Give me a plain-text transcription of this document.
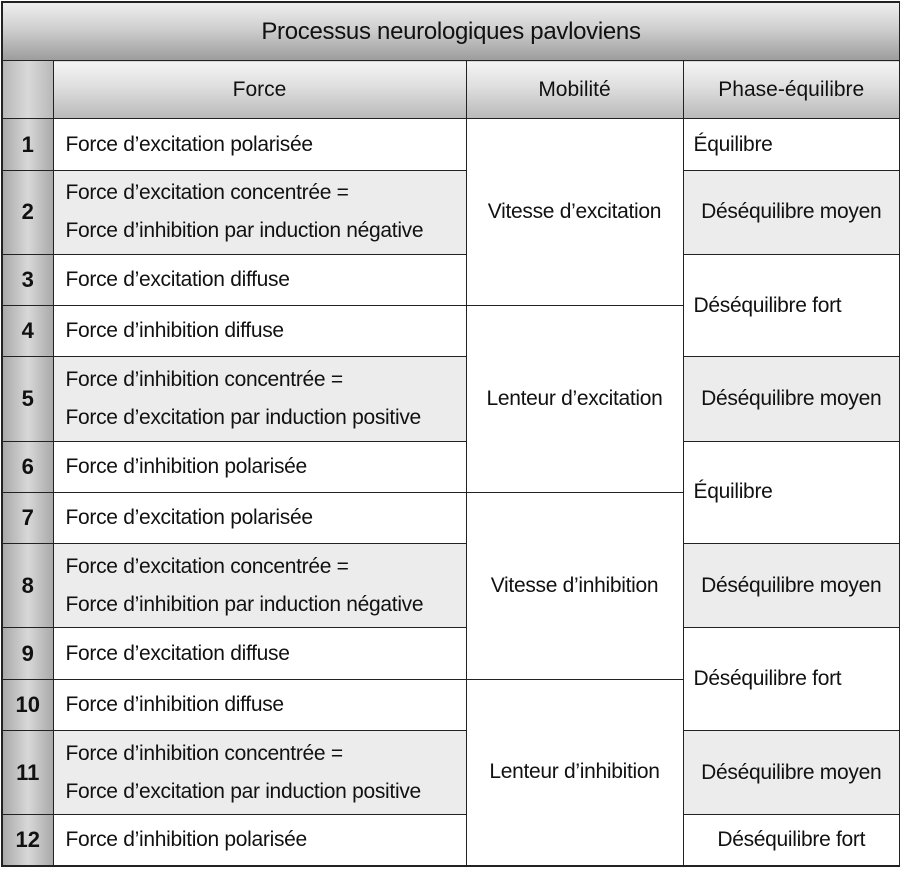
Processus neurologiques pavloviens			
	Force	Mobilité	Phase-équilibre
1	Force d’excitation polarisée	Vitesse d’excitation	Équilibre
2	Force d’excitation concentrée =
Force d’inhibition par induction négative		Déséquilibre moyen
3	Force d’excitation diffuse		Déséquilibre fort
4	Force d’inhibition diffuse	Lenteur d’excitation	
5	Force d’inhibition concentrée =
Force d’excitation par induction positive		Déséquilibre moyen
6	Force d’inhibition polarisée		Équilibre
7	Force d’excitation polarisée	Vitesse d’inhibition	
8	Force d’excitation concentrée =
Force d’inhibition par induction négative		Déséquilibre moyen
9	Force d’excitation diffuse		Déséquilibre fort
10	Force d’inhibition diffuse	Lenteur d’inhibition	
11	Force d’inhibition concentrée =
Force d’excitation par induction positive		Déséquilibre moyen
12	Force d’inhibition polarisée		Déséquilibre fort
